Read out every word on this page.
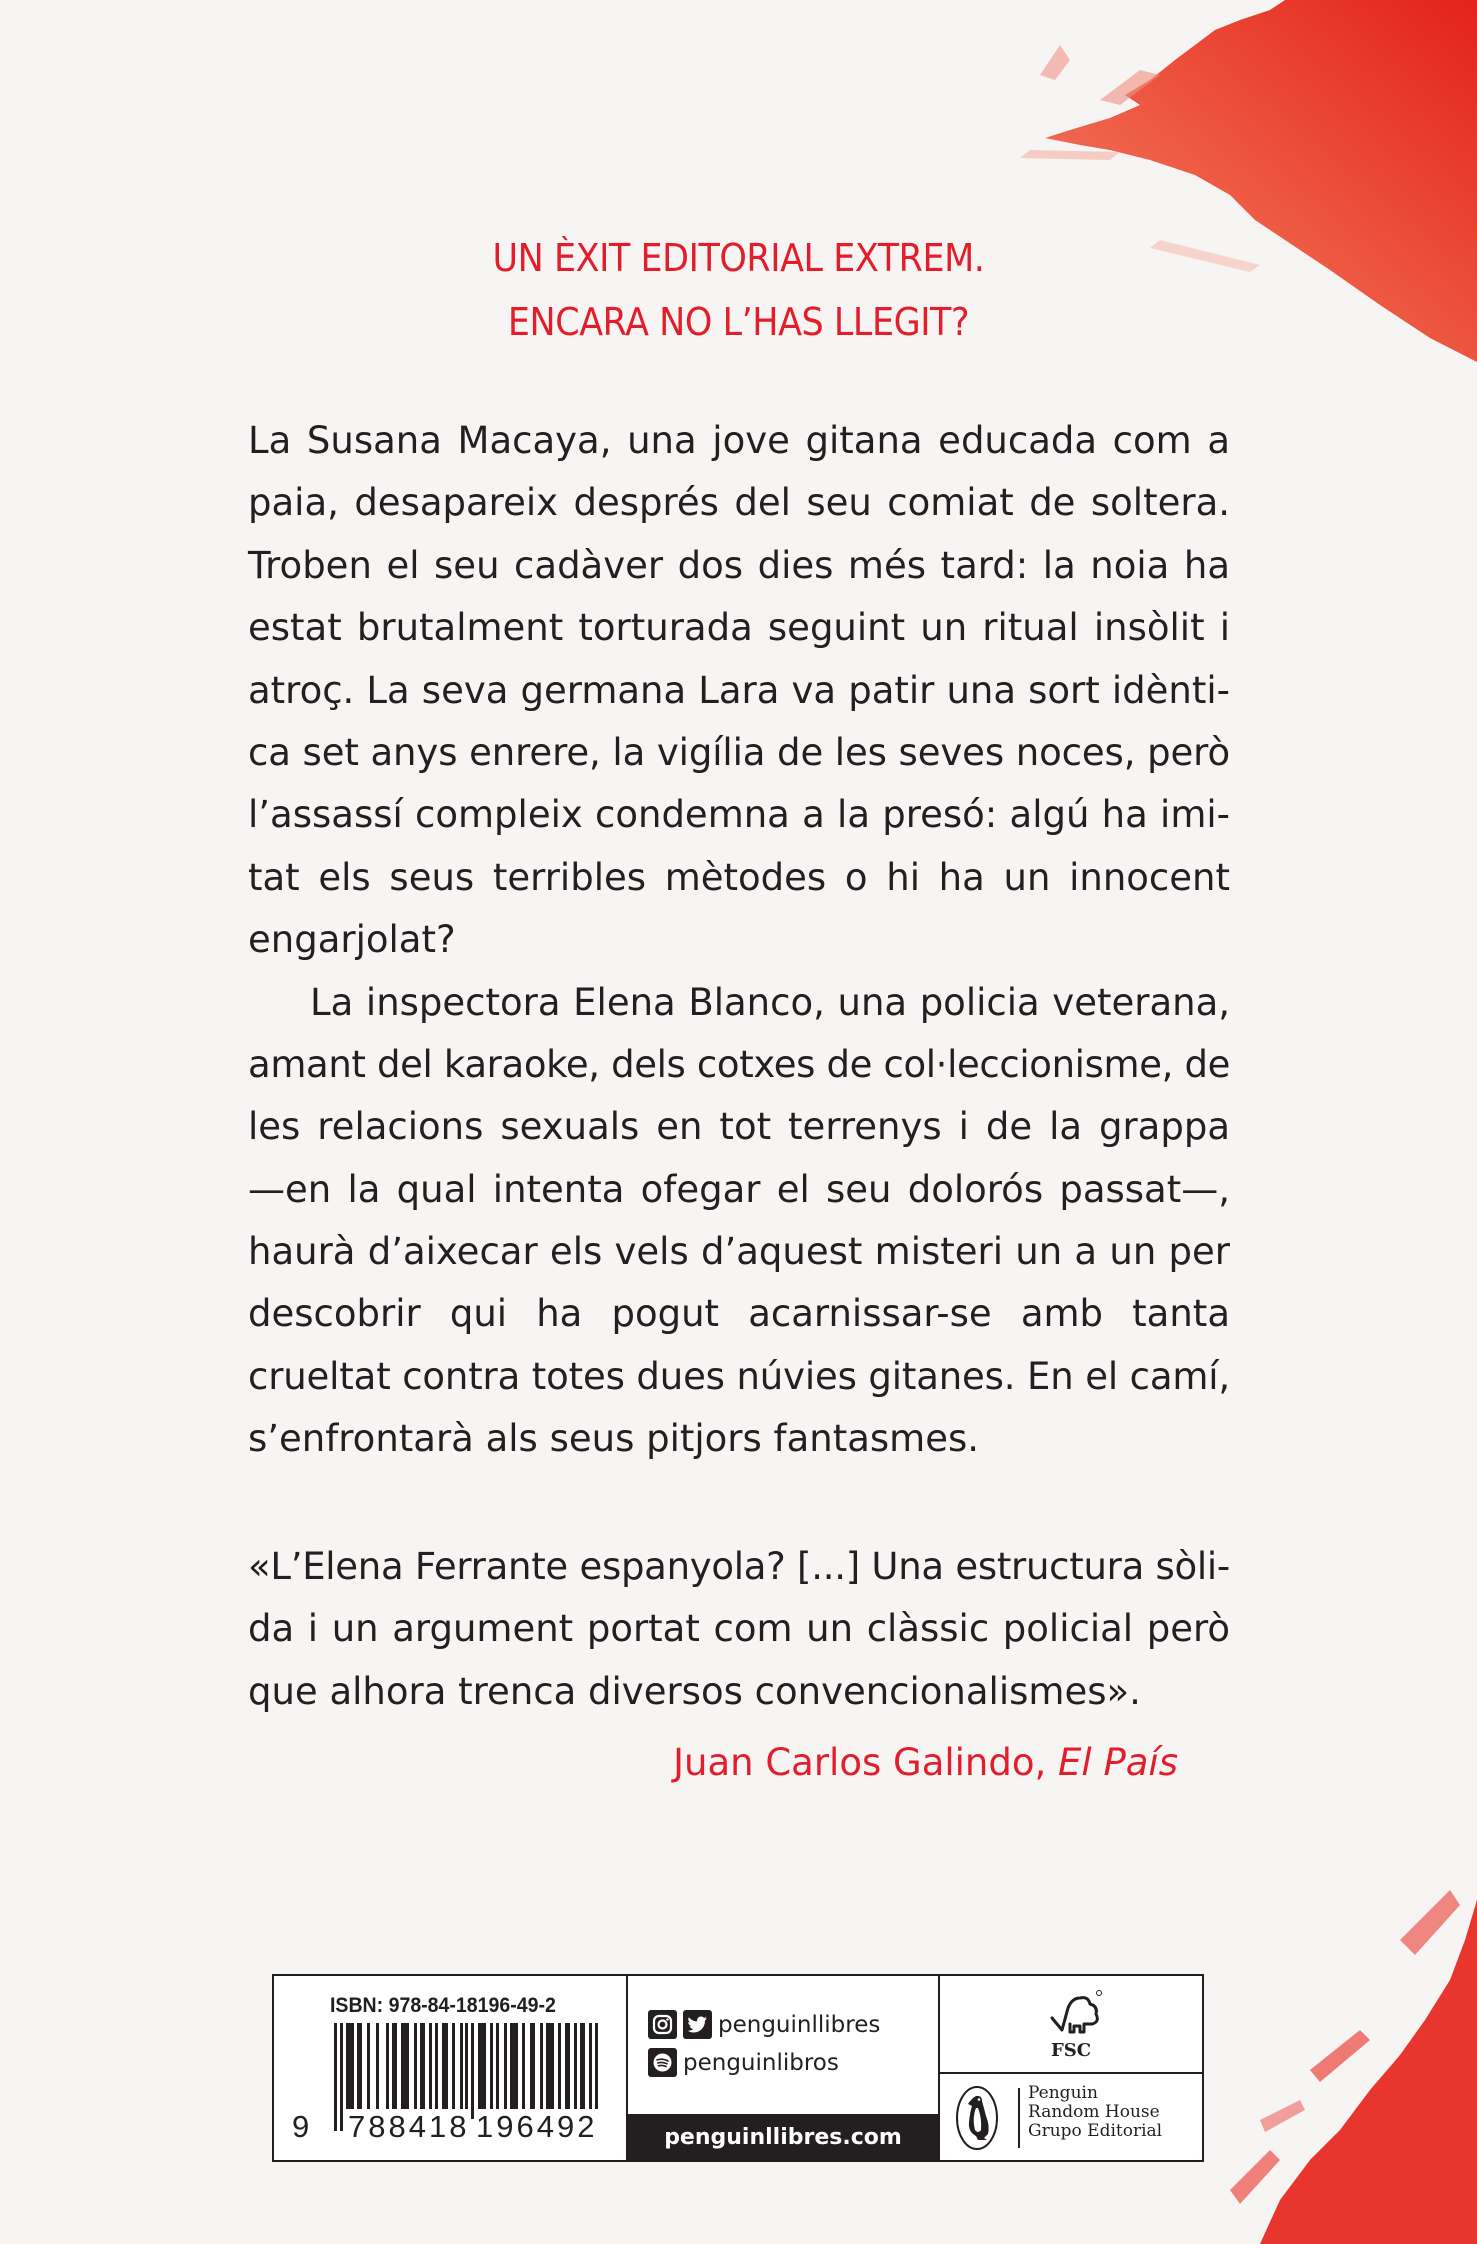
UN ÈXIT EDITORIAL EXTREM.
ENCARA NO L’HAS LLEGIT?
La Susana Macaya, una jove gitana educada com a
paia, desapareix després del seu comiat de soltera.
Troben el seu cadàver dos dies més tard: la noia ha
estat brutalment torturada seguint un ritual insòlit i
atroç. La seva germana Lara va patir una sort idènti-
ca set anys enrere, la vigília de les seves noces, però
l’assassí compleix condemna a la presó: algú ha imi-
tat els seus terribles mètodes o hi ha un innocent
engarjolat?
La inspectora Elena Blanco, una policia veterana,
amant del karaoke, dels cotxes de col·leccionisme, de
les relacions sexuals en tot terrenys i de la grappa
—en la qual intenta ofegar el seu dolorós passat—,
haurà d’aixecar els vels d’aquest misteri un a un per
descobrir qui ha pogut acarnissar-se amb tanta
crueltat contra totes dues núvies gitanes. En el camí,
s’enfrontarà als seus pitjors fantasmes.
«L’Elena Ferrante espanyola? [...] Una estructura sòli-
da i un argument portat com un clàssic policial però
que alhora trenca diversos convencionalismes».
Juan Carlos Galindo, El País
ISBN: 978-84-18196-49-2
9 788418 196492
penguinllibres
penguinlibros
penguinllibres.com
FSC
Penguin
Random House
Grupo Editorial
